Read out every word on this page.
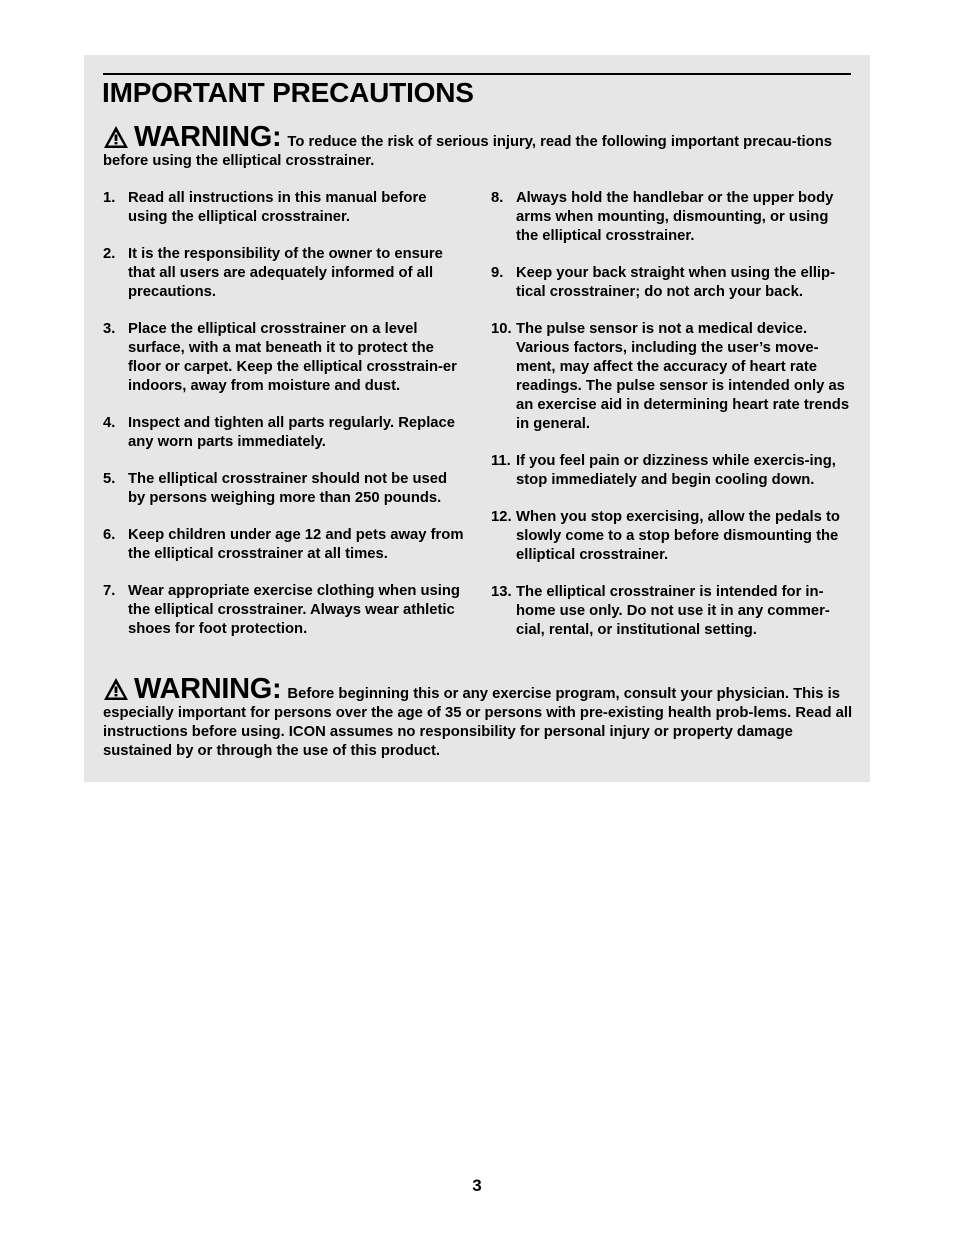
IMPORTANT PRECAUTIONS
WARNING: To reduce the risk of serious injury, read the following important precau-tions before using the elliptical crosstrainer.
1. Read all instructions in this manual before using the elliptical crosstrainer.
2. It is the responsibility of the owner to ensure that all users are adequately informed of all precautions.
3. Place the elliptical crosstrainer on a level surface, with a mat beneath it to protect the floor or carpet. Keep the elliptical crosstrain-er indoors, away from moisture and dust.
4. Inspect and tighten all parts regularly. Replace any worn parts immediately.
5. The elliptical crosstrainer should not be used by persons weighing more than 250 pounds.
6. Keep children under age 12 and pets away from the elliptical crosstrainer at all times.
7. Wear appropriate exercise clothing when using the elliptical crosstrainer. Always wear athletic shoes for foot protection.
8. Always hold the handlebar or the upper body arms when mounting, dismounting, or using the elliptical crosstrainer.
9. Keep your back straight when using the ellip-tical crosstrainer; do not arch your back.
10. The pulse sensor is not a medical device. Various factors, including the user’s move-ment, may affect the accuracy of heart rate readings. The pulse sensor is intended only as an exercise aid in determining heart rate trends in general.
11. If you feel pain or dizziness while exercis-ing, stop immediately and begin cooling down.
12. When you stop exercising, allow the pedals to slowly come to a stop before dismounting the elliptical crosstrainer.
13. The elliptical crosstrainer is intended for in-home use only. Do not use it in any commer-cial, rental, or institutional setting.
WARNING: Before beginning this or any exercise program, consult your physician. This is especially important for persons over the age of 35 or persons with pre-existing health prob-lems. Read all instructions before using. ICON assumes no responsibility for personal injury or property damage sustained by or through the use of this product.
3
